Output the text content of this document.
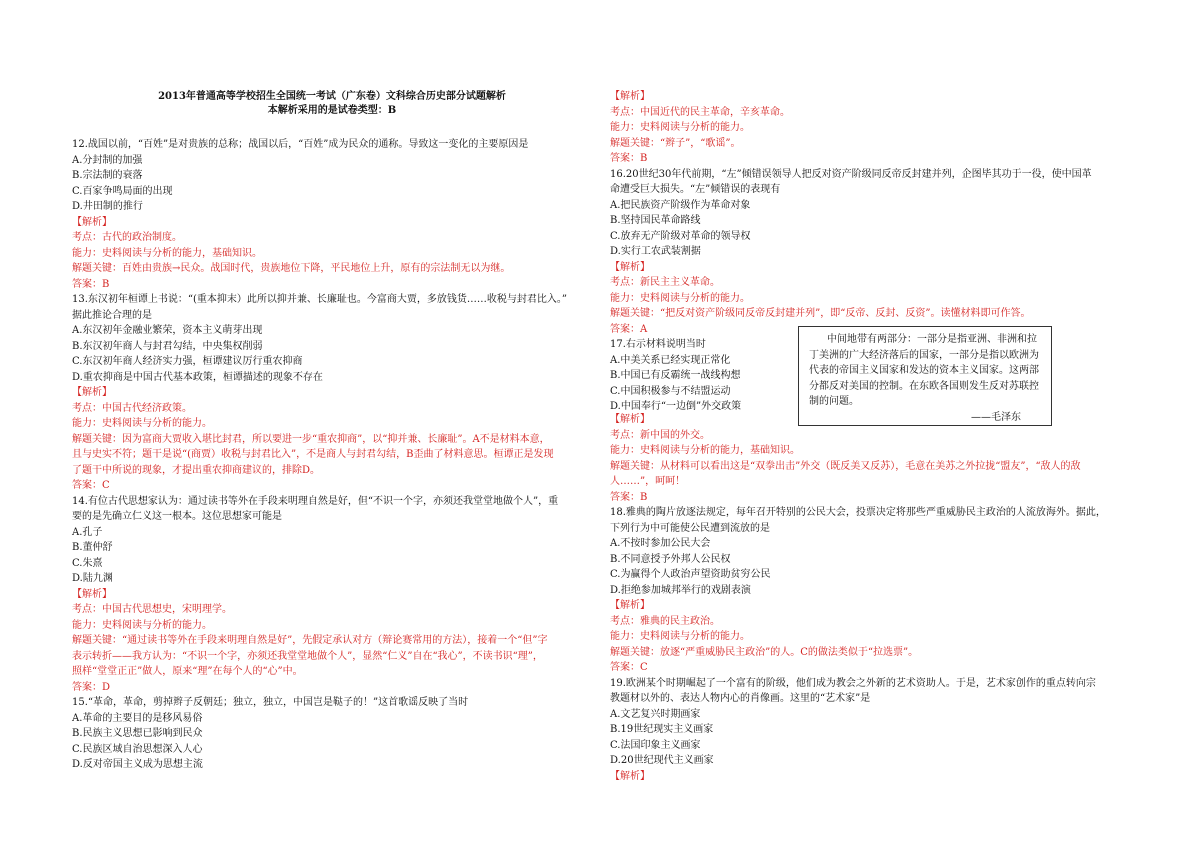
2013年普通高等学校招生全国统一考试（广东卷）文科综合历史部分试题解析
本解析采用的是试卷类型：B
12.战国以前，“百姓”是对贵族的总称；战国以后，“百姓”成为民众的通称。导致这一变化的主要原因是
A.分封制的加强
B.宗法制的衰落
C.百家争鸣局面的出现
D.井田制的推行
【解析】
考点：古代的政治制度。
能力：史料阅读与分析的能力，基础知识。
解题关键：百姓由贵族→民众。战国时代，贵族地位下降，平民地位上升，原有的宗法制无以为继。
答案：B
13.东汉初年桓谭上书说：“(重本抑末）此所以抑并兼、长廉耻也。今富商大贾，多放钱货……收税与封君比入。”
据此推论合理的是
A.东汉初年金融业繁荣，资本主义萌芽出现
B.东汉初年商人与封君勾结，中央集权削弱
C.东汉初年商人经济实力强，桓谭建议厉行重农抑商
D.重农抑商是中国古代基本政策，桓谭描述的现象不存在
【解析】
考点：中国古代经济政策。
能力：史料阅读与分析的能力。
解题关键：因为富商大贾收入堪比封君，所以要进一步“重农抑商”，以“抑并兼、长廉耻”。A不是材料本意，
且与史实不符；题干是说“(商贾）收税与封君比入”，不是商人与封君勾结，B歪曲了材料意思。桓谭正是发现
了题干中所说的现象，才提出重农抑商建议的，排除D。
答案：C
14.有位古代思想家认为：通过读书等外在手段来明理自然是好，但“不识一个字，亦须还我堂堂地做个人”，重
要的是先确立仁义这一根本。这位思想家可能是
A.孔子
B.董仲舒
C.朱熹
D.陆九渊
【解析】
考点：中国古代思想史，宋明理学。
能力：史料阅读与分析的能力。
解题关键：“通过读书等外在手段来明理自然是好”，先假定承认对方（辩论赛常用的方法），接着一个“但”字
表示转折——我方认为：“不识一个字，亦须还我堂堂地做个人”，显然“仁义”自在“我心”，不读书识“理”，
照样“堂堂正正”做人，原来“理”在每个人的“心”中。
答案：D
15.“革命，革命，剪掉辫子反朝廷；独立，独立，中国岂是鞑子的！”这首歌谣反映了当时
A.革命的主要目的是移风易俗
B.民族主义思想已影响到民众
C.民族区域自治思想深入人心
D.反对帝国主义成为思想主流
中间地带有两部分：一部分是指亚洲、非洲和拉
丁美洲的广大经济落后的国家，一部分是指以欧洲为
代表的帝国主义国家和发达的资本主义国家。这两部
分都反对美国的控制。在东欧各国则发生反对苏联控
制的问题。
——毛泽东
【解析】
考点：中国近代的民主革命，辛亥革命。
能力：史料阅读与分析的能力。
解题关键：“辫子”，“歌谣”。
答案：B
16.20世纪30年代前期，“左”倾错误领导人把反对资产阶级同反帝反封建并列，企图毕其功于一役，使中国革
命遭受巨大损失。“左”倾错误的表现有
A.把民族资产阶级作为革命对象
B.坚持国民革命路线
C.放弃无产阶级对革命的领导权
D.实行工农武装割据
【解析】
考点：新民主主义革命。
能力：史料阅读与分析的能力。
解题关键：“把反对资产阶级同反帝反封建并列”，即“反帝、反封、反资”。读懂材料即可作答。
答案：A
17.右示材料说明当时
A.中美关系已经实现正常化
B.中国已有反霸统一战线构想
C.中国积极参与不结盟运动
D.中国奉行“一边倒”外交政策
【解析】
考点：新中国的外交。
能力：史料阅读与分析的能力，基础知识。
解题关键：从材料可以看出这是“双拳出击”外交（既反美又反苏），毛意在美苏之外拉拢“盟友”，“敌人的敌
人……”，呵呵！
答案：B
18.雅典的陶片放逐法规定，每年召开特别的公民大会，投票决定将那些严重威胁民主政治的人流放海外。据此，
下列行为中可能使公民遭到流放的是
A.不按时参加公民大会
B.不同意授予外邦人公民权
C.为赢得个人政治声望资助贫穷公民
D.拒绝参加城邦举行的戏剧表演
【解析】
考点：雅典的民主政治。
能力：史料阅读与分析的能力。
解题关键：放逐“严重威胁民主政治”的人。C的做法类似于“拉选票”。
答案：C
19.欧洲某个时期崛起了一个富有的阶级，他们成为教会之外新的艺术资助人。于是，艺术家创作的重点转向宗
教题材以外的、表达人物内心的肖像画。这里的“艺术家”是
A.文艺复兴时期画家
B.19世纪现实主义画家
C.法国印象主义画家
D.20世纪现代主义画家
【解析】
